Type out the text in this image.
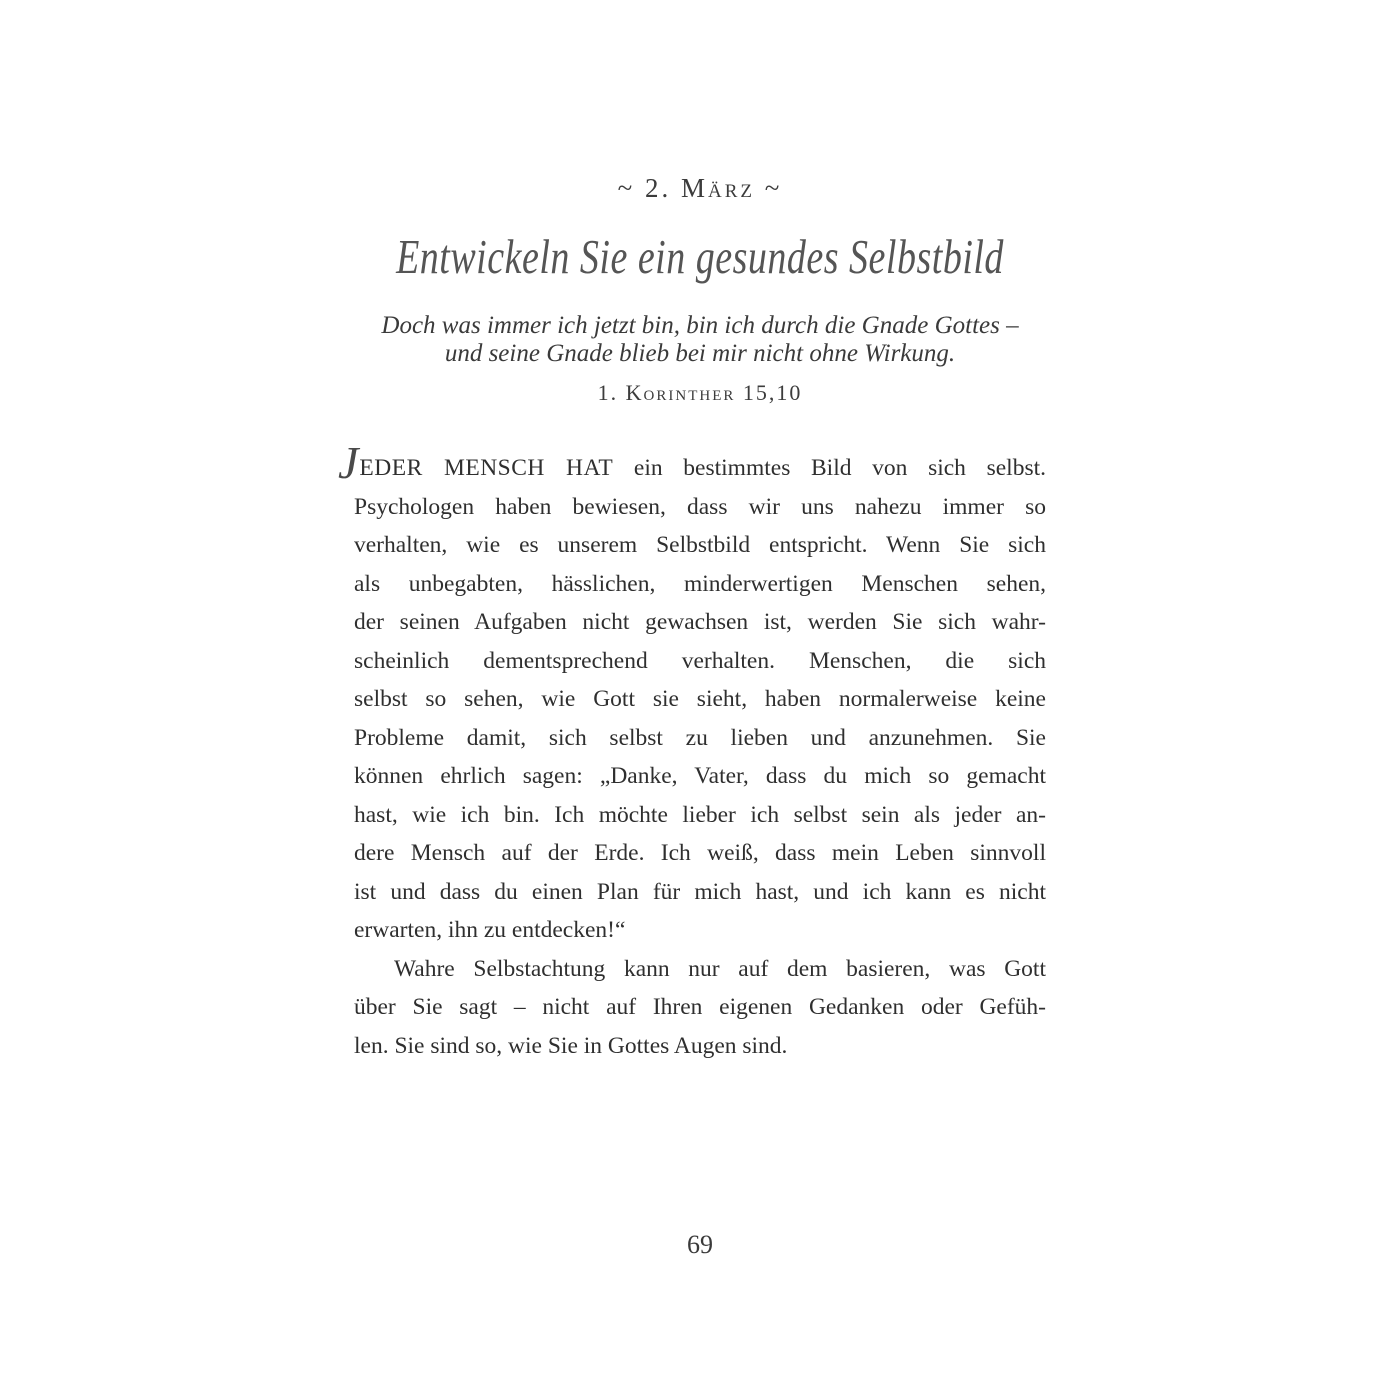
~ 2. März ~
Entwickeln Sie ein gesundes Selbstbild
Doch was immer ich jetzt bin, bin ich durch die Gnade Gottes –
und seine Gnade blieb bei mir nicht ohne Wirkung.
1. Korinther 15,10
JEDER MENSCH HAT ein bestimmtes Bild von sich selbst.
Psychologen haben bewiesen, dass wir uns nahezu immer so
verhalten, wie es unserem Selbstbild entspricht. Wenn Sie sich
als unbegabten, hässlichen, minderwertigen Menschen sehen,
der seinen Aufgaben nicht gewachsen ist, werden Sie sich wahr-
scheinlich dementsprechend verhalten. Menschen, die sich
selbst so sehen, wie Gott sie sieht, haben normalerweise keine
Probleme damit, sich selbst zu lieben und anzunehmen. Sie
können ehrlich sagen: „Danke, Vater, dass du mich so gemacht
hast, wie ich bin. Ich möchte lieber ich selbst sein als jeder an-
dere Mensch auf der Erde. Ich weiß, dass mein Leben sinnvoll
ist und dass du einen Plan für mich hast, und ich kann es nicht
erwarten, ihn zu entdecken!“
Wahre Selbstachtung kann nur auf dem basieren, was Gott
über Sie sagt – nicht auf Ihren eigenen Gedanken oder Gefüh-
len. Sie sind so, wie Sie in Gottes Augen sind.
69
